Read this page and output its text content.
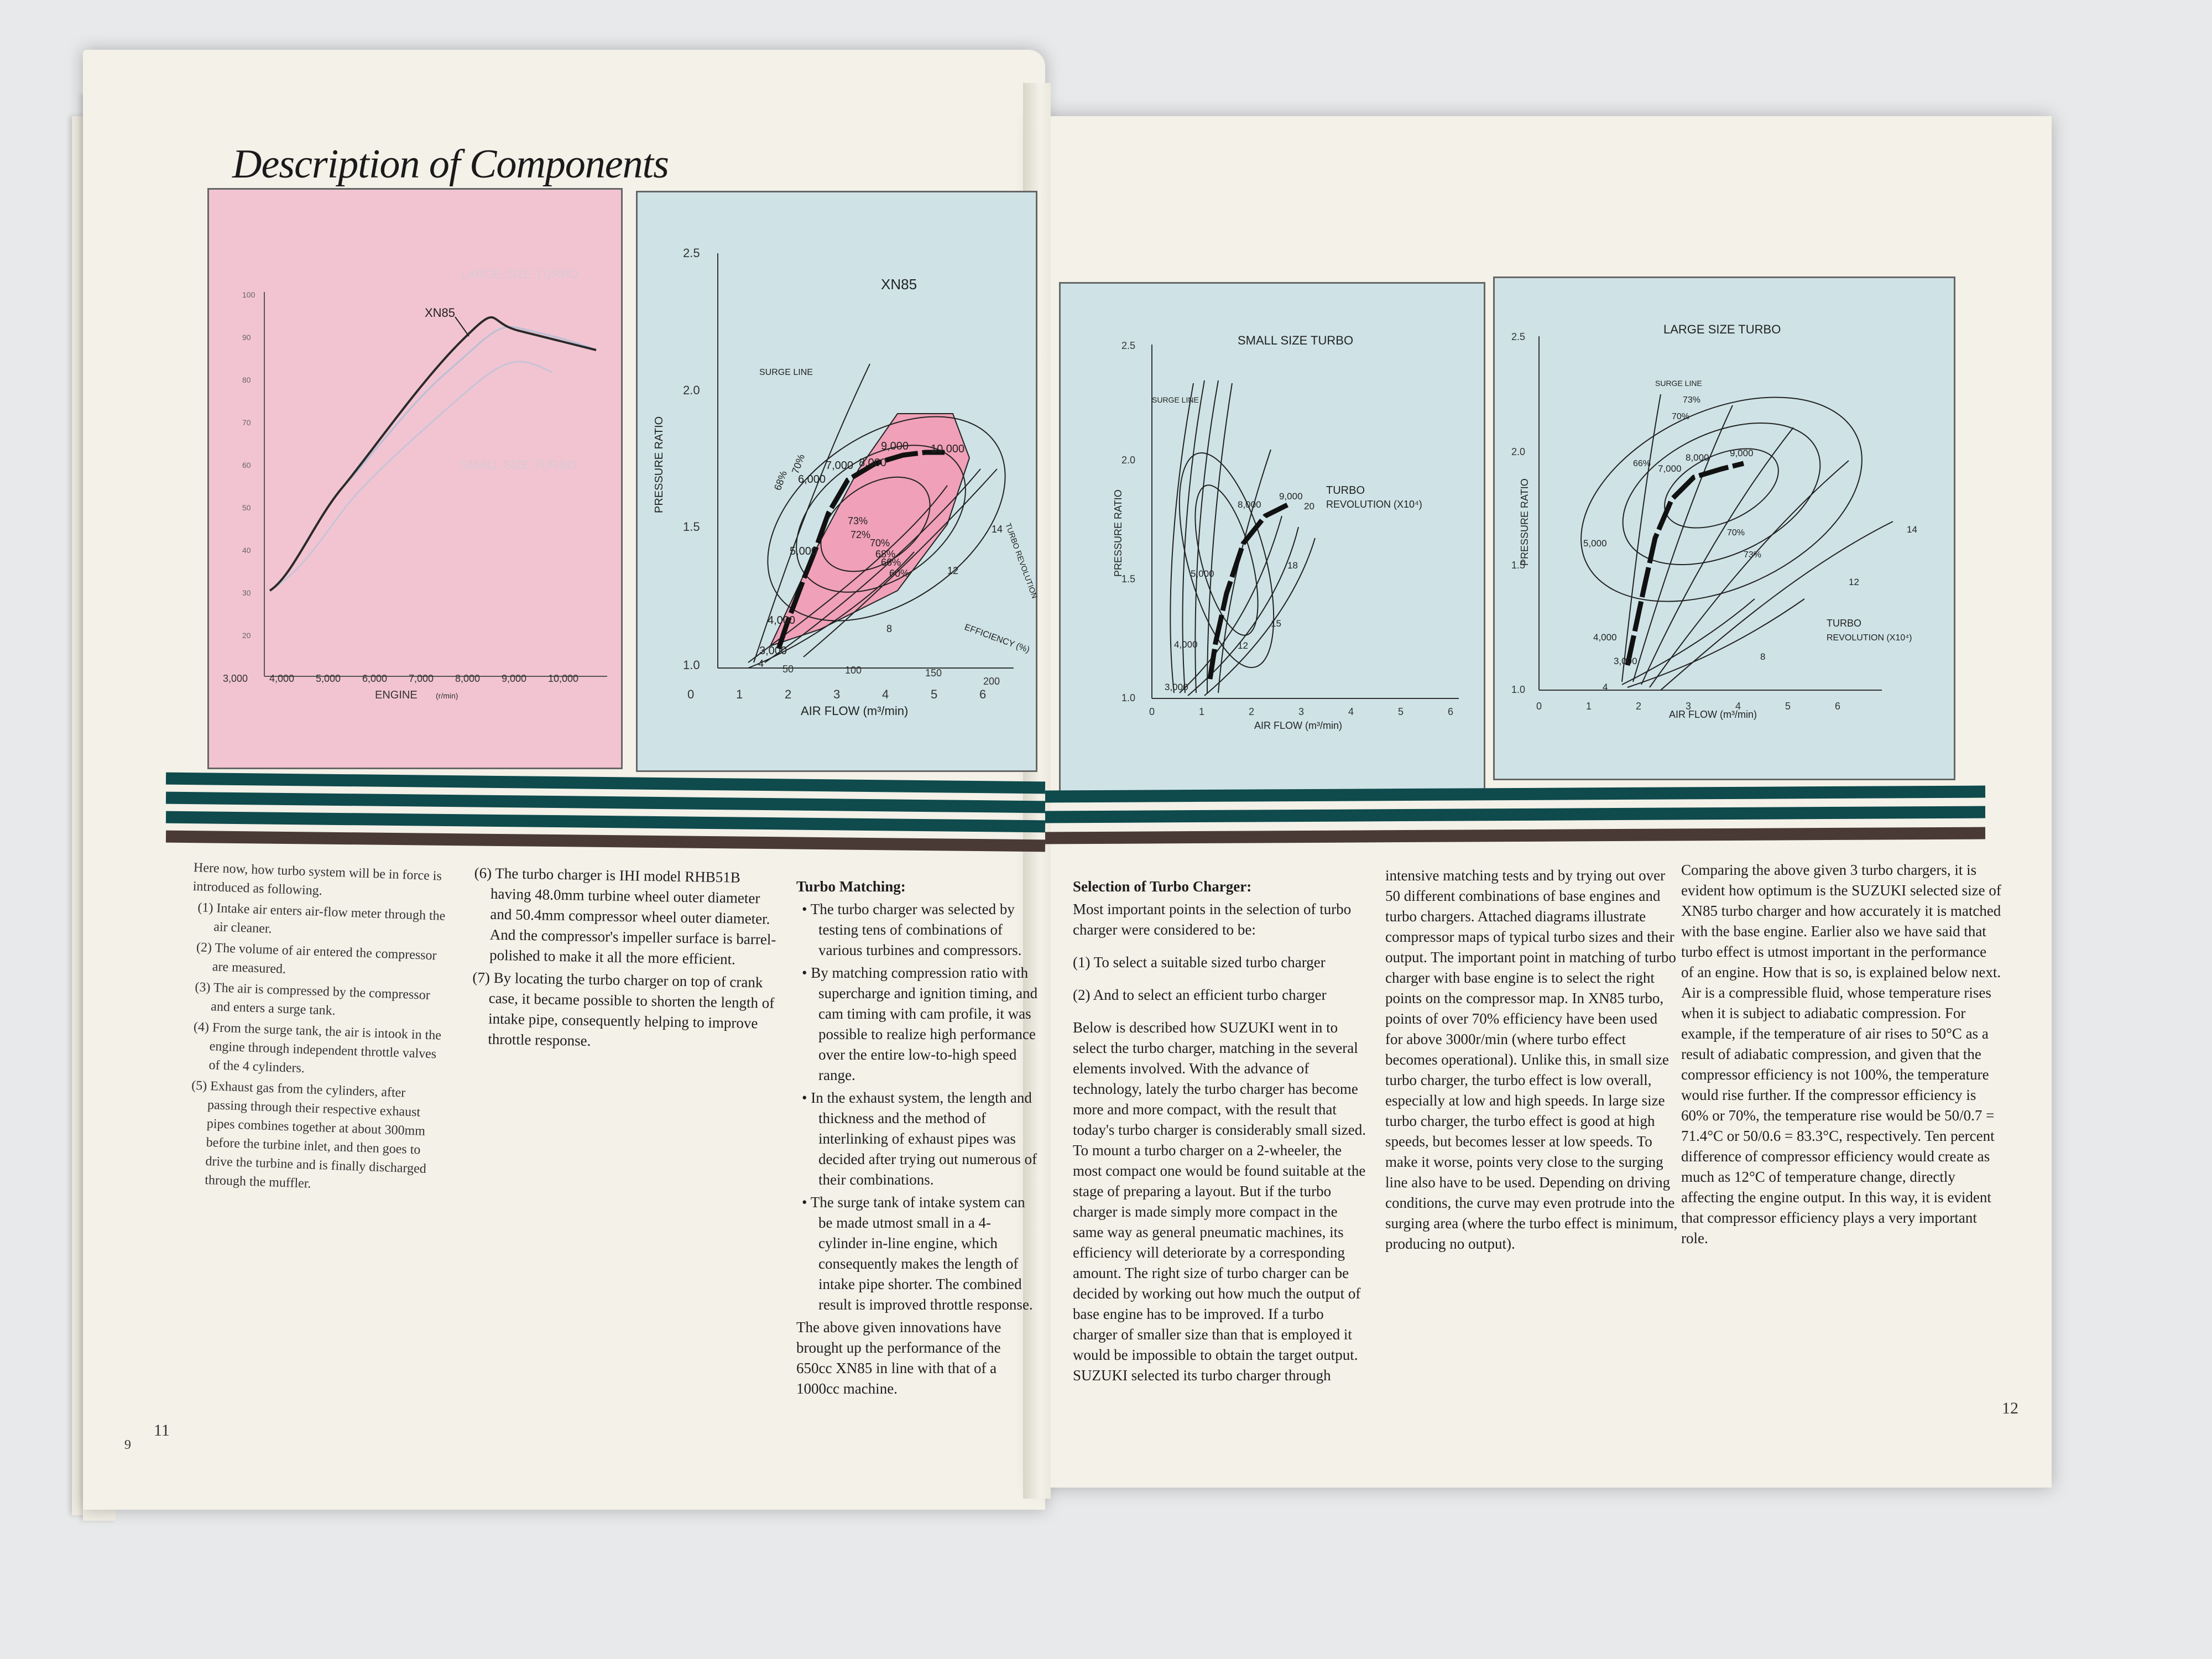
Description of Components
100
90
80
70
60
50
40
30
20
3,000 4,000 5,000 6,000 7,000 8,000 9,000 10,000
ENGINE (r/min)
XN85
LARGE SIZE TURBO
SMALL SIZE TURBO
2.5
2.0
1.5
1.0
0	1	2	3	4	5	6
50	100	150
200
XN85
SURGE LINE
PRESSURE RATIO
AIR FLOW (m³/min)
EFFICIENCY (%)
TURBO REVOLUTION
3,000
4,000
5,000
6,000
7,000 8,000
9,000 10,000
68%
70%
72%
73%
70%
68%
66%
60%
4
8
12
14
2.5
2.0
1.5
1.0
0	1	2	3	4	5	6
SMALL SIZE TURBO
SURGE LINE
PRESSURE RATIO
AIR FLOW (m³/min)
TURBO
REVOLUTION (X10⁴)
3,000
4,000
5,000
8,000
9,000
12
15
18
20
2.5
2.0
1.5
1.0
0	1	2	3	4	5	6
LARGE SIZE TURBO
SURGE LINE
PRESSURE RATIO
AIR FLOW (m³/min)
TURBO
REVOLUTION (X10⁴)
3,000
4,000
5,000
7,000
8,000 9,000
73%
70%
66%
70%
73%
4
8
12
14

Here now, how turbo system will be in force is introduced as following.

(1) Intake air enters air-flow meter through the air cleaner.

(2) The volume of air entered the compressor are measured.

(3) The air is compressed by the compressor and enters a surge tank.

(4) From the surge tank, the air is intook in the engine through independent throttle valves of the 4 cylinders.

(5) Exhaust gas from the cylinders, after passing through their respective exhaust pipes combines together at about 300mm before the turbine inlet, and then goes to drive the turbine and is finally discharged through the muffler.

(6) The turbo charger is IHI model RHB51B having 48.0mm turbine wheel outer diameter and 50.4mm compressor wheel outer diameter. And the compressor's impeller surface is barrel-polished to make it all the more efficient.

(7) By locating the turbo charger on top of crank case, it became possible to shorten the length of intake pipe, consequently helping to improve throttle response.

Turbo Matching:

• The turbo charger was selected by testing tens of combinations of various turbines and compressors.

• By matching compression ratio with supercharge and ignition timing, and cam timing with cam profile, it was possible to realize high performance over the entire low-to-high speed range.

• In the exhaust system, the length and thickness and the method of interlinking of exhaust pipes was decided after trying out numerous of their combinations.

• The surge tank of intake system can be made utmost small in a 4-cylinder in-line engine, which consequently makes the length of intake pipe shorter. The combined result is improved throttle response.

The above given innovations have brought up the performance of the 650cc XN85 in line with that of a 1000cc machine.

Selection of Turbo Charger:

Most important points in the selection of turbo charger were considered to be:

(1) To select a suitable sized turbo charger

(2) And to select an efficient turbo charger

Below is described how SUZUKI went in to select the turbo charger, matching in the several elements involved. With the advance of technology, lately the turbo charger has become more and more compact, with the result that today's turbo charger is considerably small sized. To mount a turbo charger on a 2-wheeler, the most compact one would be found suitable at the stage of preparing a layout. But if the turbo charger is made simply more compact in the same way as general pneumatic machines, its efficiency will deteriorate by a corresponding amount. The right size of turbo charger can be decided by working out how much the output of base engine has to be improved. If a turbo charger of smaller size than that is employed it would be impossible to obtain the target output. SUZUKI selected its turbo charger through

intensive matching tests and by trying out over 50 different combinations of base engines and turbo chargers. Attached diagrams illustrate compressor maps of typical turbo sizes and their output. The important point in matching of turbo charger with base engine is to select the right points on the compressor map. In XN85 turbo, points of over 70% efficiency have been used for above 3000r/min (where turbo effect becomes operational). Unlike this, in small size turbo charger, the turbo effect is low overall, especially at low and high speeds. In large size turbo charger, the turbo effect is good at high speeds, but becomes lesser at low speeds. To make it worse, points very close to the surging line also have to be used. Depending on driving conditions, the curve may even protrude into the surging area (where the turbo effect is minimum, producing no output).

Comparing the above given 3 turbo chargers, it is evident how optimum is the SUZUKI selected size of XN85 turbo charger and how accurately it is matched with the base engine. Earlier also we have said that turbo effect is utmost important in the performance of an engine. How that is so, is explained below next. Air is a compressible fluid, whose temperature rises when it is subject to adiabatic compression. For example, if the temperature of air rises to 50°C as a result of adiabatic compression, and given that the compressor efficiency is not 100%, the temperature would rise further. If the compressor efficiency is 60% or 70%, the temperature rise would be 50/0.7 = 71.4°C or 50/0.6 = 83.3°C, respectively. Ten percent difference of compressor efficiency would create as much as 12°C of temperature change, directly affecting the engine output. In this way, it is evident that compressor efficiency plays a very important role.

11
9
12
